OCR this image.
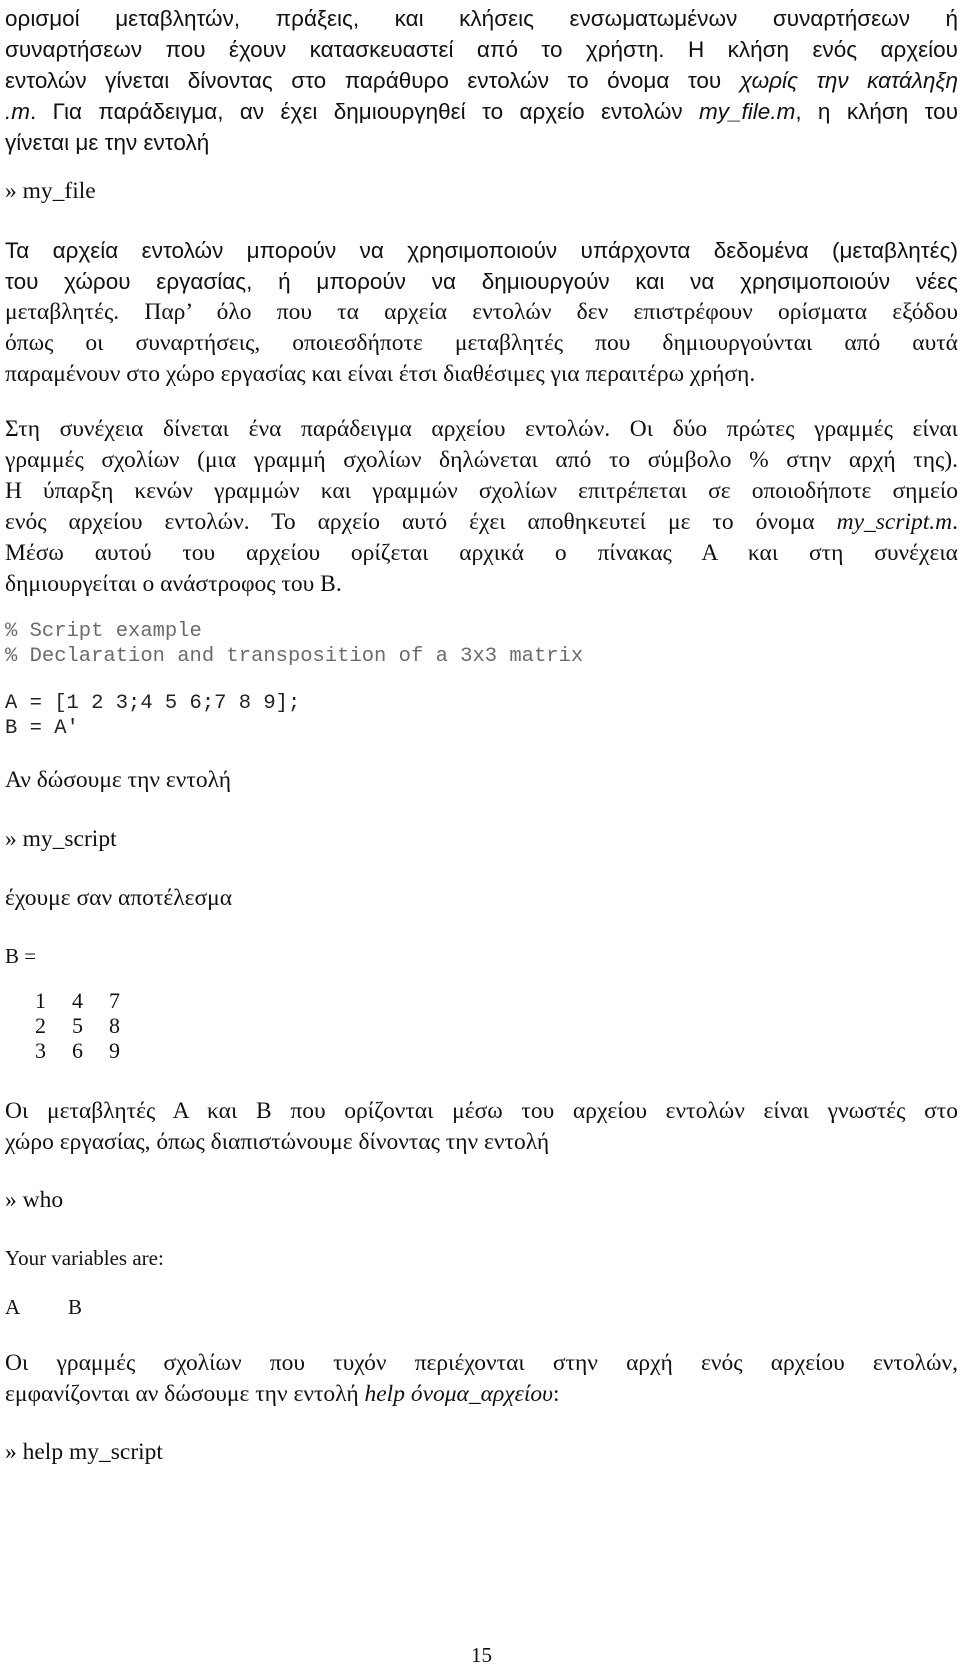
ορισμοί μεταβλητών, πράξεις, και κλήσεις ενσωματωμένων συναρτήσεων ή

συναρτήσεων που έχουν κατασκευαστεί από το χρήστη. Η κλήση ενός αρχείου

εντολών γίνεται δίνοντας στο παράθυρο εντολών το όνομα του χωρίς την κατάληξη

.m. Για παράδειγμα, αν έχει δημιουργηθεί το αρχείο εντολών my_file.m, η κλήση του

γίνεται με την εντολή

» my_file

Τα αρχεία εντολών μπορούν να χρησιμοποιούν υπάρχοντα δεδομένα (μεταβλητές)

του χώρου εργασίας, ή μπορούν να δημιουργούν και να χρησιμοποιούν νέες

μεταβλητές. Παρ’ όλο που τα αρχεία εντολών δεν επιστρέφουν ορίσματα εξόδου

όπως οι συναρτήσεις, οποιεσδήποτε μεταβλητές που δημιουργούνται από αυτά

παραμένουν στο χώρο εργασίας και είναι έτσι διαθέσιμες για περαιτέρω χρήση.

Στη συνέχεια δίνεται ένα παράδειγμα αρχείου εντολών. Οι δύο πρώτες γραμμές είναι

γραμμές σχολίων (μια γραμμή σχολίων δηλώνεται από το σύμβολο % στην αρχή της).

Η ύπαρξη κενών γραμμών και γραμμών σχολίων επιτρέπεται σε οποιοδήποτε σημείο

ενός αρχείου εντολών. Το αρχείο αυτό έχει αποθηκευτεί με το όνομα my_script.m.

Μέσω αυτού του αρχείου ορίζεται αρχικά ο πίνακας Α και στη συνέχεια

δημιουργείται ο ανάστροφος του Β.

% Script example

% Declaration and transposition of a 3x3 matrix

A = [1 2 3;4 5 6;7 8 9];

B = A'

Αν δώσουμε την εντολή

» my_script

έχουμε σαν αποτέλεσμα

B =

1 4 7
2 5 8
3 6 9

Οι μεταβλητές Α και Β που ορίζονται μέσω του αρχείου εντολών είναι γνωστές στο

χώρο εργασίας, όπως διαπιστώνουμε δίνοντας την εντολή

» who

Your variables are:

A B

Οι γραμμές σχολίων που τυχόν περιέχονται στην αρχή ενός αρχείου εντολών,

εμφανίζονται αν δώσουμε την εντολή help όνομα_αρχείου:

» help my_script

15
